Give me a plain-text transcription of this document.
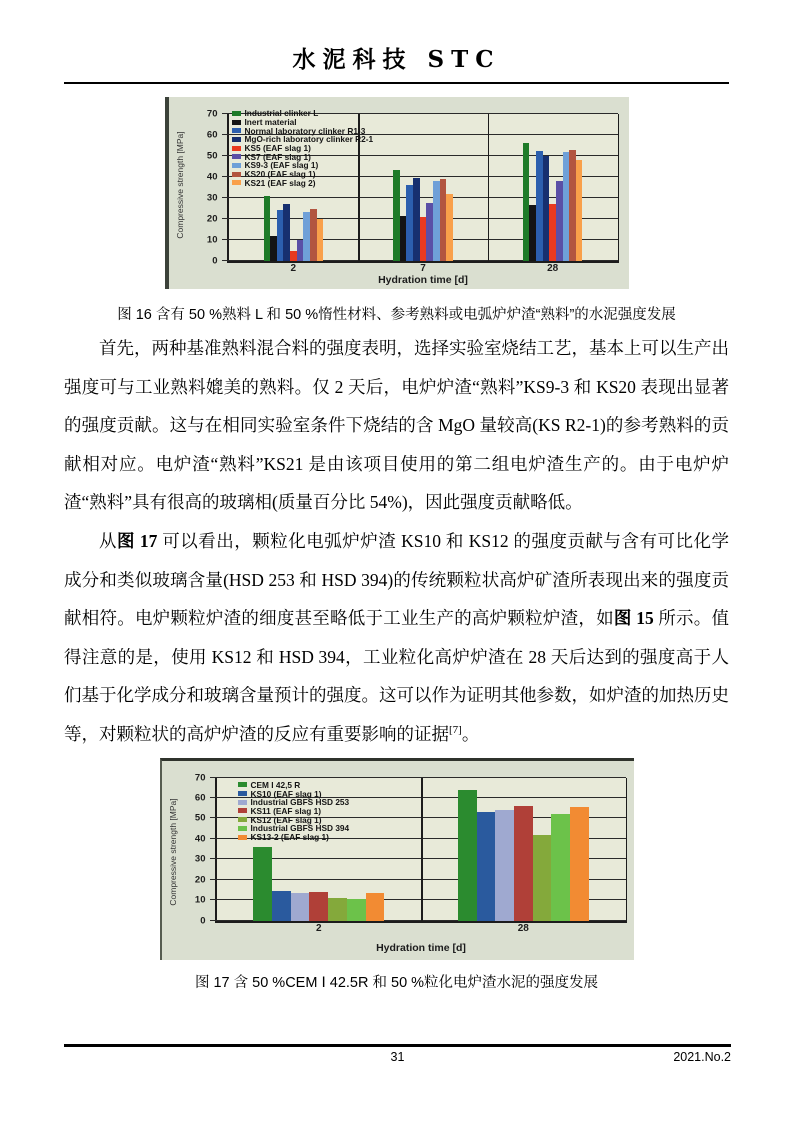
水泥科技 STC
0
10
20
30
40
50
60
70
2	7	28
Industrial clinker L
Inert material
Normal laboratory clinker R1-3
MgO-rich laboratory clinker R2-1
KS5 (EAF slag 1)
KS7 (EAF slag 1)
KS9-3 (EAF slag 1)
KS20 (EAF slag 1)
KS21 (EAF slag 2)
Hydration time [d]
Compressive strength [MPa]
图 16 含有 50 %熟料 L 和 50 %惰性材料、参考熟料或电弧炉炉渣“熟料”的水泥强度发展

首先，两种基准熟料混合料的强度表明，选择实验室烧结工艺，基本上可以生产出强度可与工业熟料媲美的熟料。仅 2 天后，电炉炉渣“熟料”KS9-3 和 KS20 表现出显著的强度贡献。这与在相同实验室条件下烧结的含 MgO 量较高(KS R2-1)的参考熟料的贡献相对应。电炉渣“熟料”KS21 是由该项目使用的第二组电炉渣生产的。由于电炉炉渣“熟料”具有很高的玻璃相(质量百分比 54%)，因此强度贡献略低。

从图 17 可以看出，颗粒化电弧炉炉渣 KS10 和 KS12 的强度贡献与含有可比化学成分和类似玻璃含量(HSD 253 和 HSD 394)的传统颗粒状高炉矿渣所表现出来的强度贡献相符。电炉颗粒炉渣的细度甚至略低于工业生产的高炉颗粒炉渣，如图 15 所示。值得注意的是，使用 KS12 和 HSD 394，工业粒化高炉炉渣在 28 天后达到的强度高于人们基于化学成分和玻璃含量预计的强度。这可以作为证明其他参数，如炉渣的加热历史等，对颗粒状的高炉炉渣的反应有重要影响的证据[7]。

0
10
20
30
40
50
60
70
2	28
CEM I 42,5 R
KS10 (EAF slag 1)
Industrial GBFS HSD 253
KS11 (EAF slag 1)
KS12 (EAF slag 1)
Industrial GBFS HSD 394
KS13-2 (EAF slag 1)
Hydration time [d]
Compressive strength [MPa]
图 17 含 50 %CEM Ⅰ 42.5R 和 50 %粒化电炉渣水泥的强度发展
31	2021.No.2
